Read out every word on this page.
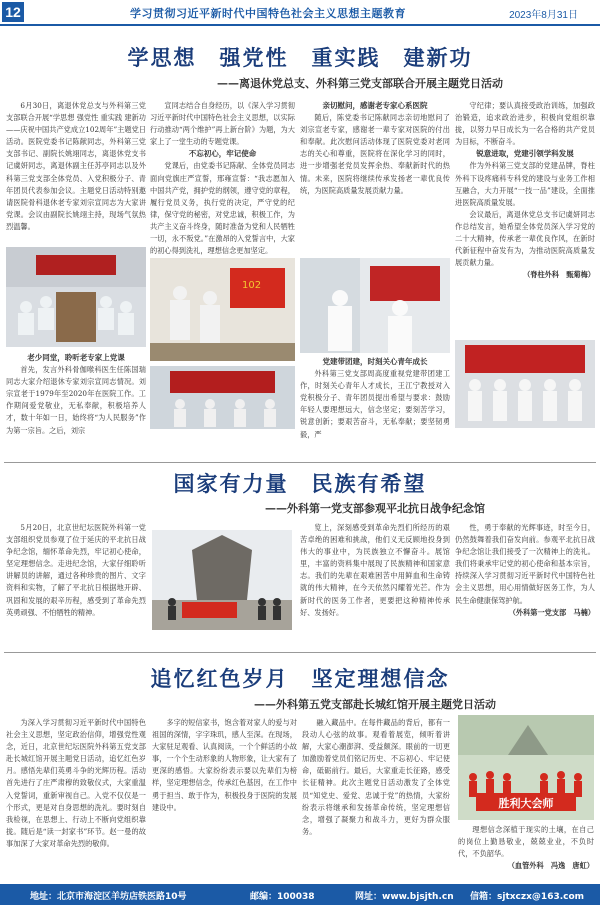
12	学习贯彻习近平新时代中国特色社会主义思想主题教育	2023年8月31日
学思想　强党性　重实践　建新功
——离退休党总支、外科第三党支部联合开展主题党日活动

6月30日，离退休党总支与外科第三党支部联合开展“学思想 强党性 重实践 建新功——庆祝中国共产党成立102周年”主题党日活动。医院党委书记陈献同志，外科第三党支部书记、副院长姚翊同志，离退休党支书记虞妍同志，离退休副主任苏亭同志以及外科第三党支部全体党员、入党积极分子、青年团员代表参加会议。主题党日活动特别邀请医院骨科退休老专家刘宗宣同志为大家讲党课。会议由副院长姚翊主持，现场气氛热烈温馨。

老少同堂，聆听老专家上党课

首先，发言外科骨伽喉科医生任陈国瑞同志大家介绍退休专家刘宗宣同志情况。刘宗宣老于1979年至2020年在医院工作。工作期间爱党敬业，无私奉献，积极培养人才，数十年如一日，始终将“为人民服务”作为第一宗旨。之后，刘宗

宣同志结合自身经历，以《深入学习贯彻习近平新时代中国特色社会主义思想，以实际行动推动“两个维护”再上新台阶》为题，为大家上了一堂生动的专题党课。

不忘初心，牢记使命

党课后，由党委书记陈献、全体党员同志面向党旗庄严宣誓，邢雍宣誓：“我志愿加入中国共产党，拥护党的纲领，遵守党的章程，履行党员义务，执行党的决定，严守党的纪律，保守党的秘密，对党忠诚，积极工作，为共产主义奋斗终身，随时准备为党和人民牺牲一切，永不叛党。”在激昂的入党誓言中，大家的初心得到洗礼，理想信念更加坚定。

102

亲切慰问，感谢老专家心系医院

随后，陈党委书记陈献同志亲切地慰问了刘宗宣老专家，感谢老一辈专家对医院的付出和奉献。此次慰问活动体现了医院党委对老同志的关心和尊重，医院将在深化学习的同时，进一步增强老党员发挥余热、奉献新时代的热情。未来，医院将继续传承发扬老一辈优良传统，为医院高质量发展贡献力量。

党建带团建，时刻关心青年成长

外科第三党支部周高度重视党建带团建工作，时刻关心青年人才成长，王江宁教授对入党积极分子、青年团员提出希望与要求：鼓励年轻人要理想远大，信念坚定；要刻苦学习，锐意创新；要艰苦奋斗，无私奉献；要坚韧勇毅，严

守纪律；要认真接受政治训练，加强政治锻造，追求政治进步，积极向党组织靠拢，以努力早日成长为一名合格的共产党员为目标，不断奋斗。

锐意进取，党建引领学科发展

作为外科第三党支部的党建品牌，脊柱外科下设疼痛科专科党的建设与业务工作相互融合，大力开展“一技一品”建设，全面推进医院高质量发展。

会议最后，离退休党总支书记虞妍同志作总结发言，她希望全体党员深入学习党的二十大精神，传承老一辈优良作风，在新时代新征程中奋发有为，为推动医院高质量发展贡献力量。

（脊柱外科　甄菊梅）

国家有力量　民族有希望
——外科第一党支部参观平北抗日战争纪念馆

5月20日，北京世纪坛医院外科第一党支部组织党员参观了位于延庆的平北抗日战争纪念馆，缅怀革命先烈，牢记初心使命，坚定理想信念。走进纪念馆，大家仔细聆听讲解员的讲解，通过各种珍贵的图片、文字资料和实物，了解了平北抗日根据地开辟、巩固和发展的艰辛历程，感受到了革命先烈英勇顽强、不怕牺牲的精神。

览上，深刻感受到革命先烈们所经历的艰苦卓绝的困难和挑战，他们义无反顾地投身到伟大的事业中，为民族独立不懈奋斗。展馆里，丰富的资料集中展现了民族精神和国家意志。我们的先辈在艰难困苦中用鲜血和生命铸就的伟大精神，在今天依然闪耀着光芒。作为新时代的医务工作者，更要把这种精神传承好、发扬好。

性，勇于奉献的光辉事迹，时至今日，仍然鼓舞着我们奋发向前。参观平北抗日战争纪念馆让我们接受了一次精神上的洗礼。我们将秉承牢记党的初心使命和基本宗旨，持续深入学习贯彻习近平新时代中国特色社会主义思想，用心用情做好医务工作，为人民生命健康保驾护航。

（外科第一党支部　马楠）

追忆红色岁月　坚定理想信念
——外科第五党支部赴长城红馆开展主题党日活动

为深入学习贯彻习近平新时代中国特色社会主义思想，坚定政治信仰，增强党性观念，近日，北京世纪坛医院外科第五党支部赴长城红馆开展主题党日活动，追忆红色岁月。感悟先辈们英勇斗争的光辉历程。活动首先进行了庄严肃穆的致敬仪式，大家重温入党誓词，重新审视自己。入党不仅仅是一个形式，更是对自身思想的洗礼。要时刻自我检视，在思想上、行动上不断向党组织靠拢。随后是“读一封家书”环节。赵一曼的故事加深了大家对革命先烈的敬仰。

多字的短信家书，饱含着对家人的爱与对祖国的深情，字字珠玑，感人至深。在现场，大家驻足观看、认真阅读，一个个鲜活的小故事，一个个生动形象的人物形象，让大家有了更深的感悟。大家纷纷表示要以先辈们为榜样，坚定理想信念，传承红色基因，在工作中勇于担当、敢于作为，积极投身于医院的发展建设中。

融入藏品中。在每件藏品的背后，都有一段动人心弦的故事。观看着展览，倾听着讲解，大家心潮澎湃、受益颇深。眼前的一切更加激励着党员们铭记历史、不忘初心、牢记使命，砥砺前行。最后，大家重走长征路，感受长征精神。此次主题党日活动激发了全体党员“知党史、爱党、忠诚于党”的热情，大家纷纷表示将继承和发扬革命传统，坚定理想信念，增强了凝聚力和战斗力，更好为群众服务。

胜利大会师

理想信念深植于现实的土壤，在自己的岗位上勤恳敬业，兢兢业业，不负时代，不负韶华。

（血管外科　冯逸　唐虹）

地址：北京市海淀区羊坊店铁医路10号	邮编：100038	网址：www.bjsjth.cn 信箱：sjtxczx@163.com
